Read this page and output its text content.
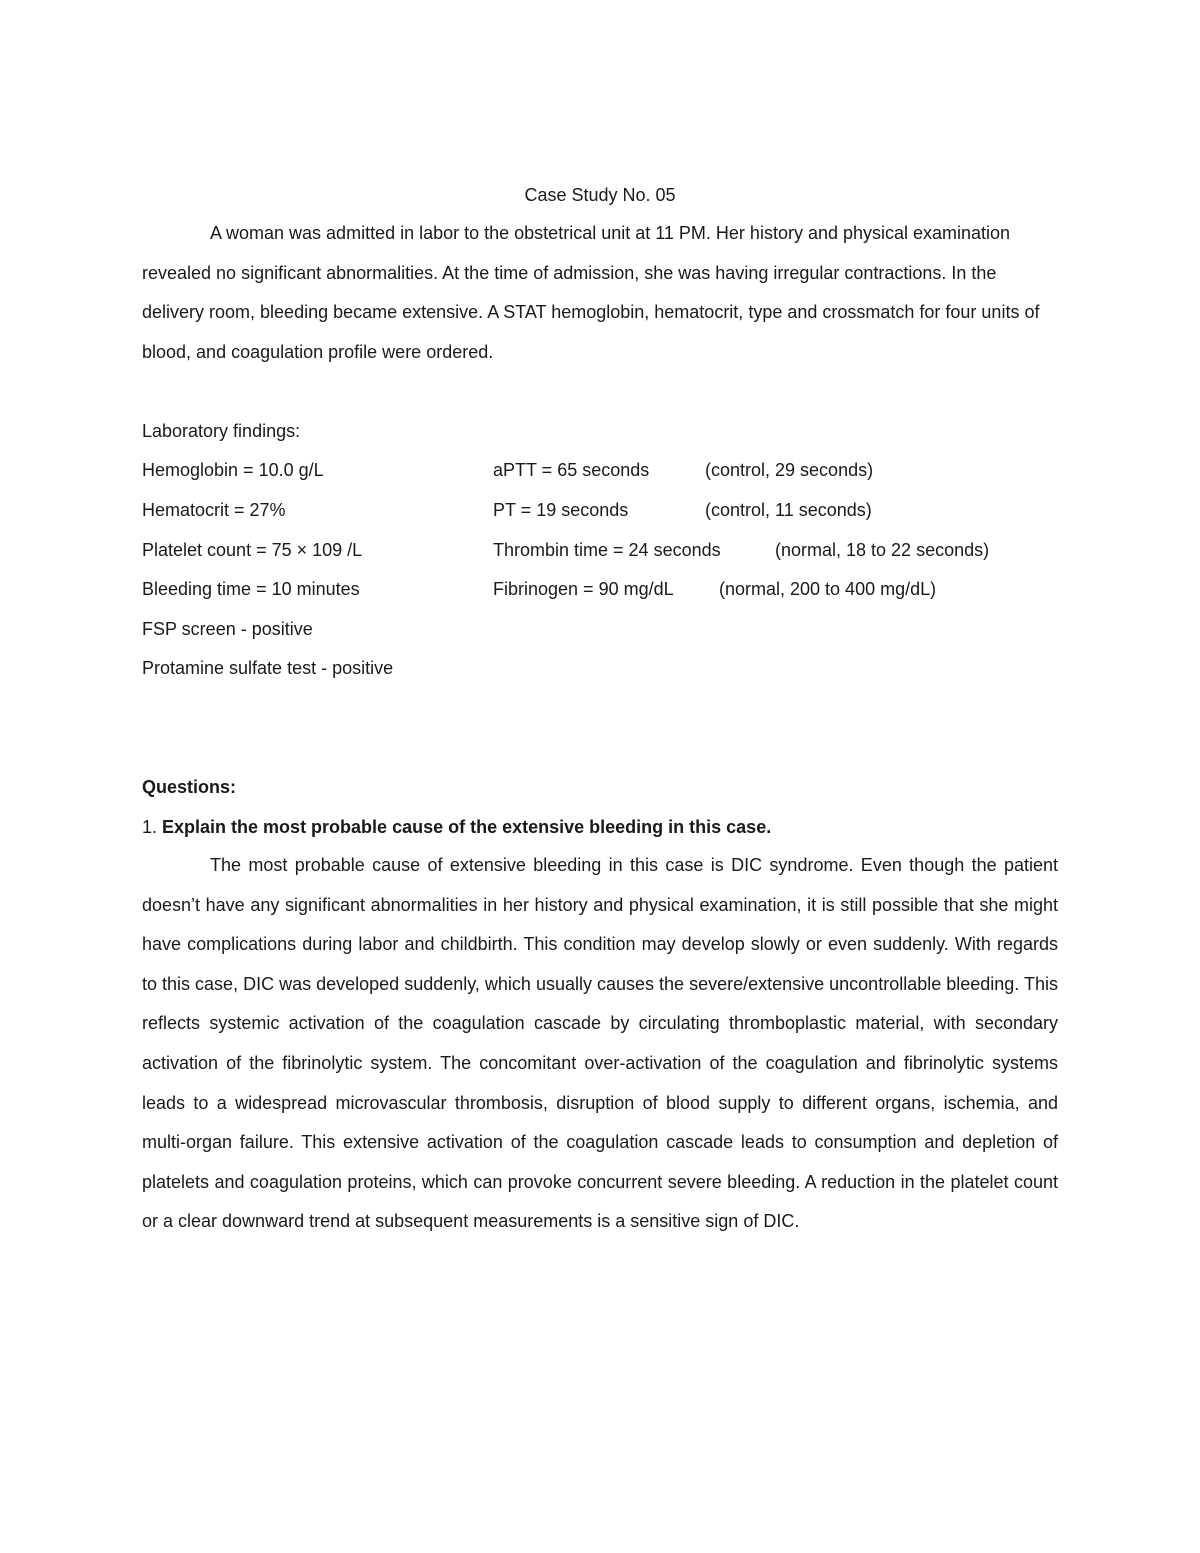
Case Study No. 05

A woman was admitted in labor to the obstetrical unit at 11 PM. Her history and physical examination revealed no significant abnormalities. At the time of admission, she was having irregular contractions. In the delivery room, bleeding became extensive. A STAT hemoglobin, hematocrit, type and crossmatch for four units of blood, and coagulation profile were ordered.

Laboratory findings:
Hemoglobin = 10.0 g/L	aPTT = 65 seconds	(control, 29 seconds)
Hematocrit = 27%	PT = 19 seconds	(control, 11 seconds)
Platelet count = 75 × 109 /L	Thrombin time = 24 seconds	(normal, 18 to 22 seconds)
Bleeding time = 10 minutes	Fibrinogen = 90 mg/dL	(normal, 200 to 400 mg/dL)
FSP screen - positive
Protamine sulfate test - positive
Questions:
1. Explain the most probable cause of the extensive bleeding in this case.

The most probable cause of extensive bleeding in this case is DIC syndrome. Even though the patient doesn’t have any significant abnormalities in her history and physical examination, it is still possible that she might have complications during labor and childbirth. This condition may develop slowly or even suddenly. With regards to this case, DIC was developed suddenly, which usually causes the severe/extensive uncontrollable bleeding. This reflects systemic activation of the coagulation cascade by circulating thromboplastic material, with secondary activation of the fibrinolytic system. The concomitant over-activation of the coagulation and fibrinolytic systems leads to a widespread microvascular thrombosis, disruption of blood supply to different organs, ischemia, and multi-organ failure. This extensive activation of the coagulation cascade leads to consumption and depletion of platelets and coagulation proteins, which can provoke concurrent severe bleeding. A reduction in the platelet count or a clear downward trend at subsequent measurements is a sensitive sign of DIC.
